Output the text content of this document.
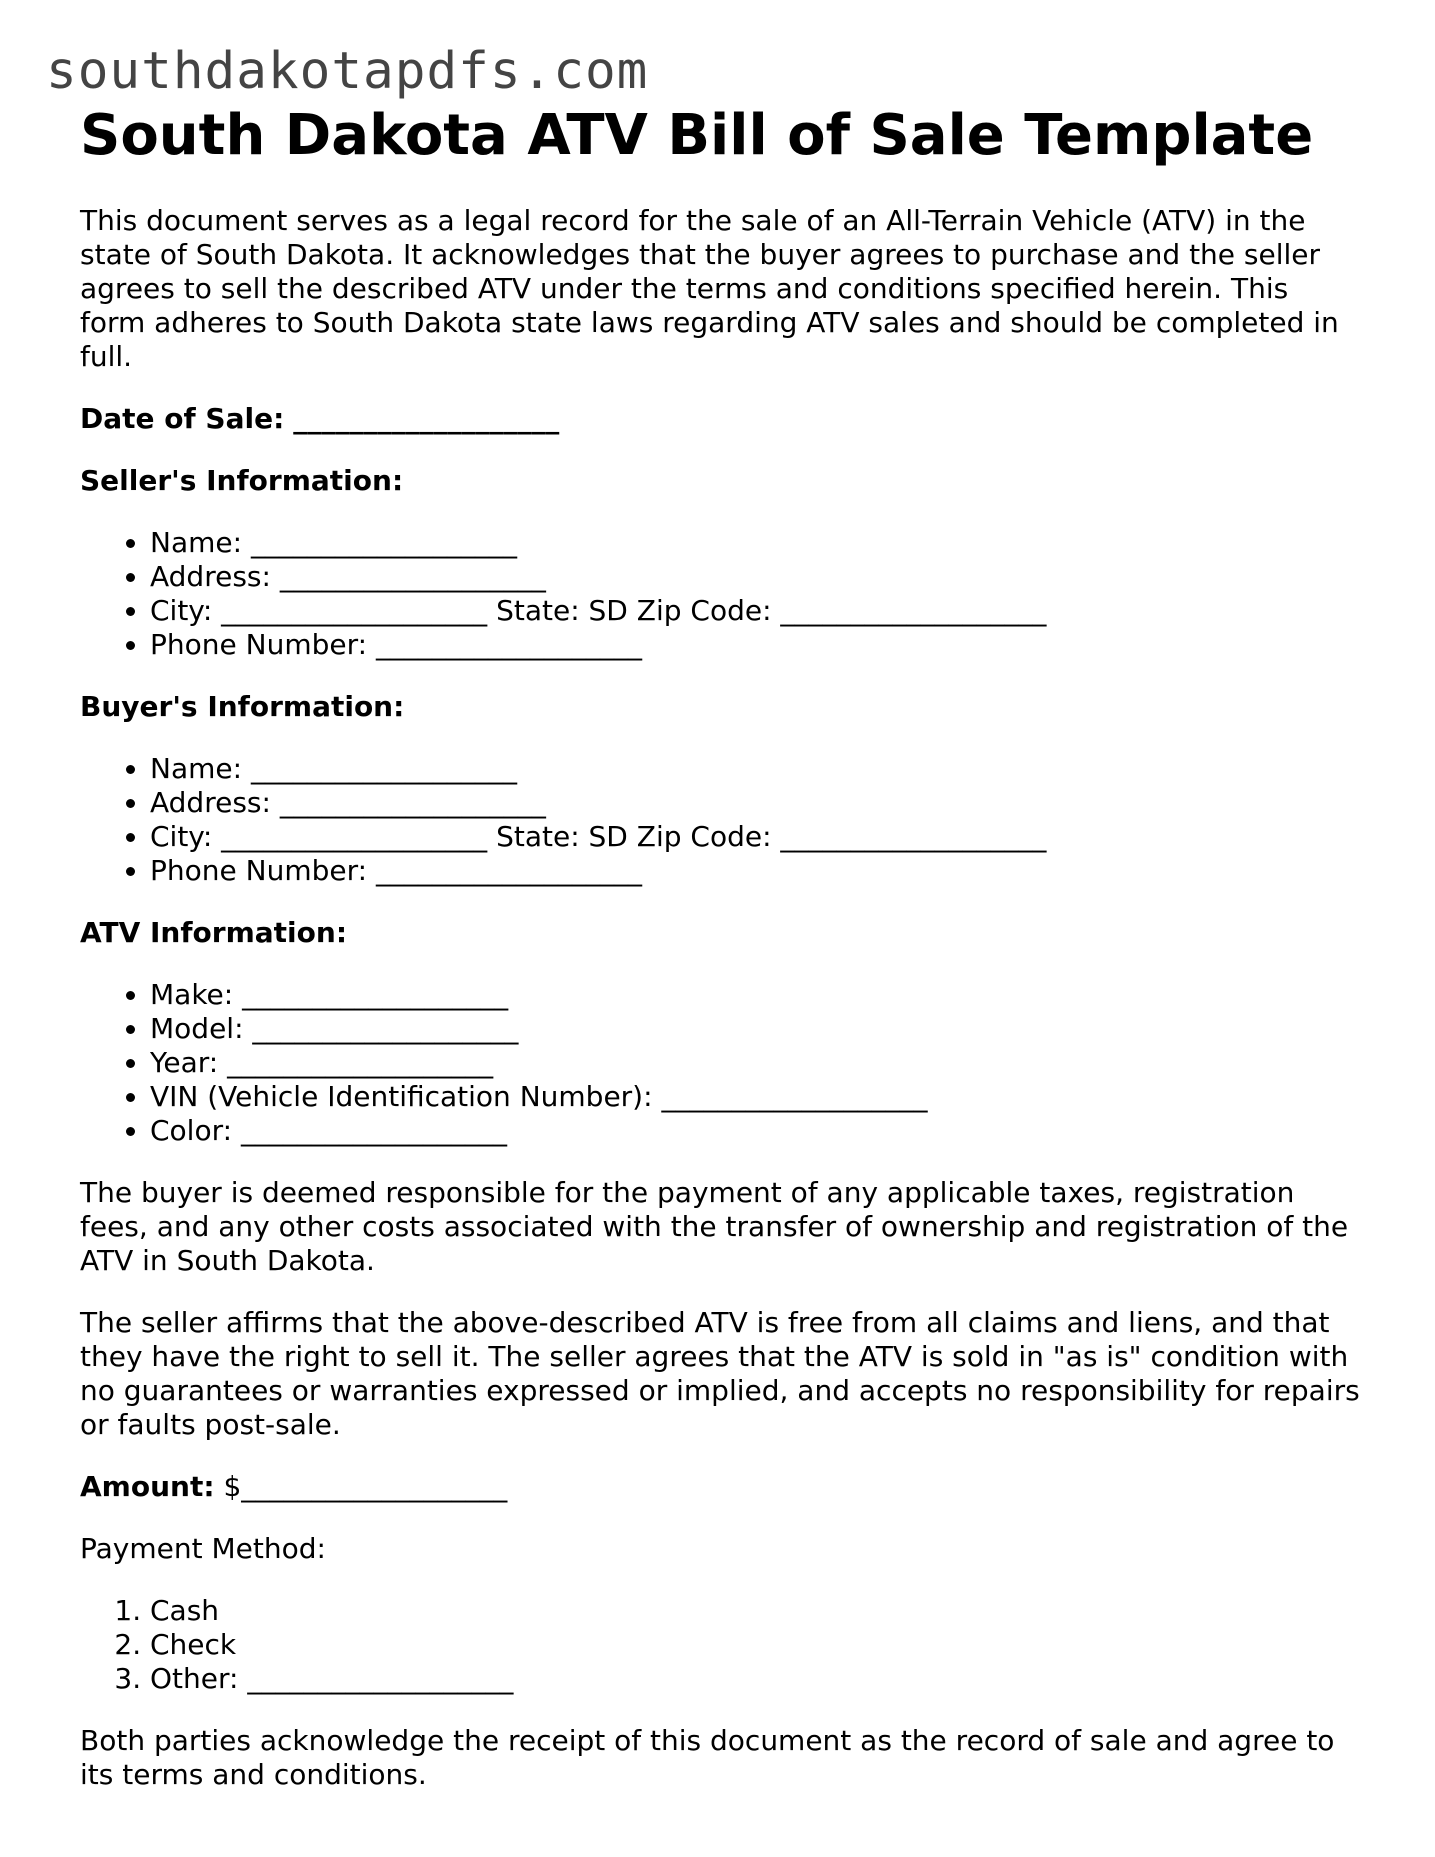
southdakotapdfs.com
South Dakota ATV Bill of Sale Template

This document serves as a legal record for the sale of an All-Terrain Vehicle (ATV) in the state of South Dakota. It acknowledges that the buyer agrees to purchase and the seller agrees to sell the described ATV under the terms and conditions specified herein. This form adheres to South Dakota state laws regarding ATV sales and should be completed in full.

Date of Sale: ___________________

Seller's Information:

• Name: ___________________
• Address: ___________________
• City: ___________________ State: SD Zip Code: ___________________
• Phone Number: ___________________

Buyer's Information:

• Name: ___________________
• Address: ___________________
• City: ___________________ State: SD Zip Code: ___________________
• Phone Number: ___________________

ATV Information:

• Make: ___________________
• Model: ___________________
• Year: ___________________
• VIN (Vehicle Identification Number): ___________________
• Color: ___________________

The buyer is deemed responsible for the payment of any applicable taxes, registration fees, and any other costs associated with the transfer of ownership and registration of the ATV in South Dakota.

The seller affirms that the above-described ATV is free from all claims and liens, and that they have the right to sell it. The seller agrees that the ATV is sold in "as is" condition with no guarantees or warranties expressed or implied, and accepts no responsibility for repairs or faults post-sale.

Amount: $___________________

Payment Method:

1. Cash
2. Check
3. Other: ___________________

Both parties acknowledge the receipt of this document as the record of sale and agree to its terms and conditions.
